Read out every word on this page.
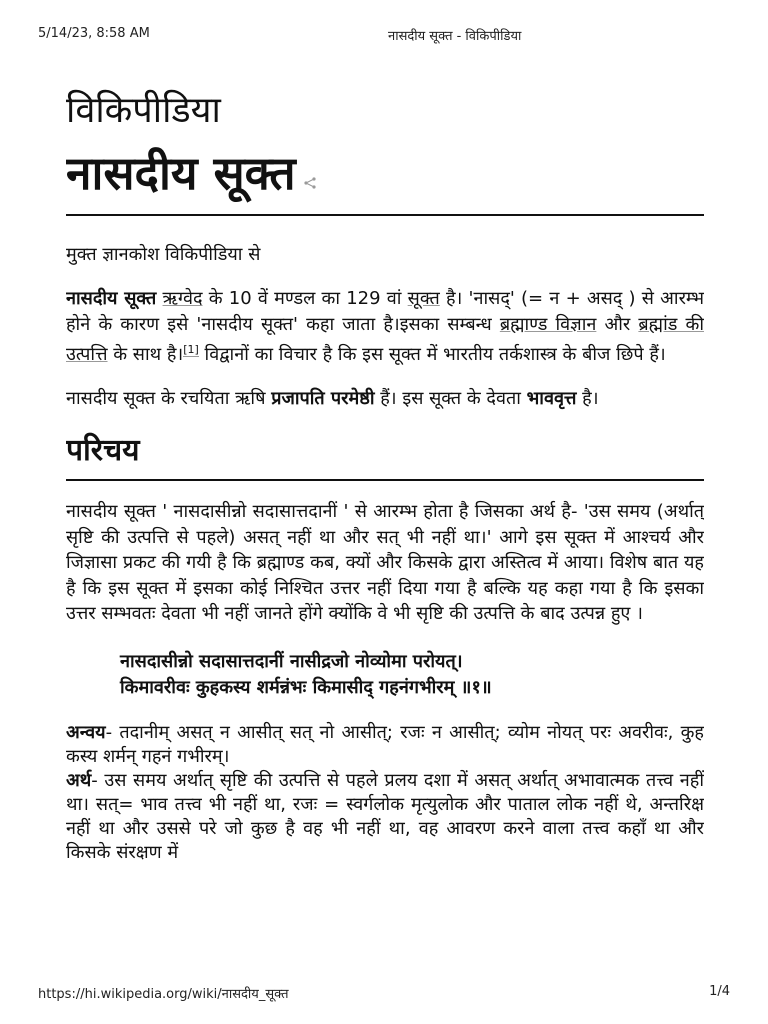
5/14/23, 8:58 AM	नासदीय सूक्त - विकिपीडिया
विकिपीडिया
नासदीय सूक्त
मुक्त ज्ञानकोश विकिपीडिया से

नासदीय सूक्त ऋग्वेद के 10 वें मण्डल का 129 वां सूक्त है। 'नासद्' (= न + असद् ) से आरम्भ होने के कारण इसे 'नासदीय सूक्त' कहा जाता है।इसका सम्बन्ध ब्रह्माण्ड विज्ञान और ब्रह्मांड की उत्पत्ति के साथ है।[1] विद्वानों का विचार है कि इस सूक्त में भारतीय तर्कशास्त्र के बीज छिपे हैं।

नासदीय सूक्त के रचयिता ऋषि प्रजापति परमेष्ठी हैं। इस सूक्त के देवता भाववृत्त है।

परिचय

नासदीय सूक्त ' नासदासीन्नो सदासात्तदानीं ' से आरम्भ होता है जिसका अर्थ है- 'उस समय (अर्थात् सृष्टि की उत्पत्ति से पहले) असत् नहीं था और सत् भी नहीं था।' आगे इस सूक्त में आश्चर्य और जिज्ञासा प्रकट की गयी है कि ब्रह्माण्ड कब, क्यों और किसके द्वारा अस्तित्व में आया। विशेष बात यह है कि इस सूक्त में इसका कोई निश्चित उत्तर नहीं दिया गया है बल्कि यह कहा गया है कि इसका उत्तर सम्भवतः देवता भी नहीं जानते होंगे क्योंकि वे भी सृष्टि की उत्पत्ति के बाद उत्पन्न हुए ।

नासदासीन्नो सदासात्तदानीं नासीद्रजो नोव्योमा परोयत्।
किमावरीवः कुहकस्य शर्मन्नंभः किमासीद् गहनंगभीरम् ॥१॥

अन्वय- तदानीम् असत् न आसीत् सत् नो आसीत्; रजः न आसीत्; व्योम नोयत् परः अवरीवः, कुह कस्य शर्मन् गहनं गभीरम्।
अर्थ- उस समय अर्थात् सृष्टि की उत्पत्ति से पहले प्रलय दशा में असत् अर्थात् अभावात्मक तत्त्व नहीं था। सत्= भाव तत्त्व भी नहीं था, रजः = स्वर्गलोक मृत्युलोक और पाताल लोक नहीं थे, अन्तरिक्ष नहीं था और उससे परे जो कुछ है वह भी नहीं था, वह आवरण करने वाला तत्त्व कहाँ था और किसके संरक्षण में

https://hi.wikipedia.org/wiki/नासदीय_सूक्त	1/4
